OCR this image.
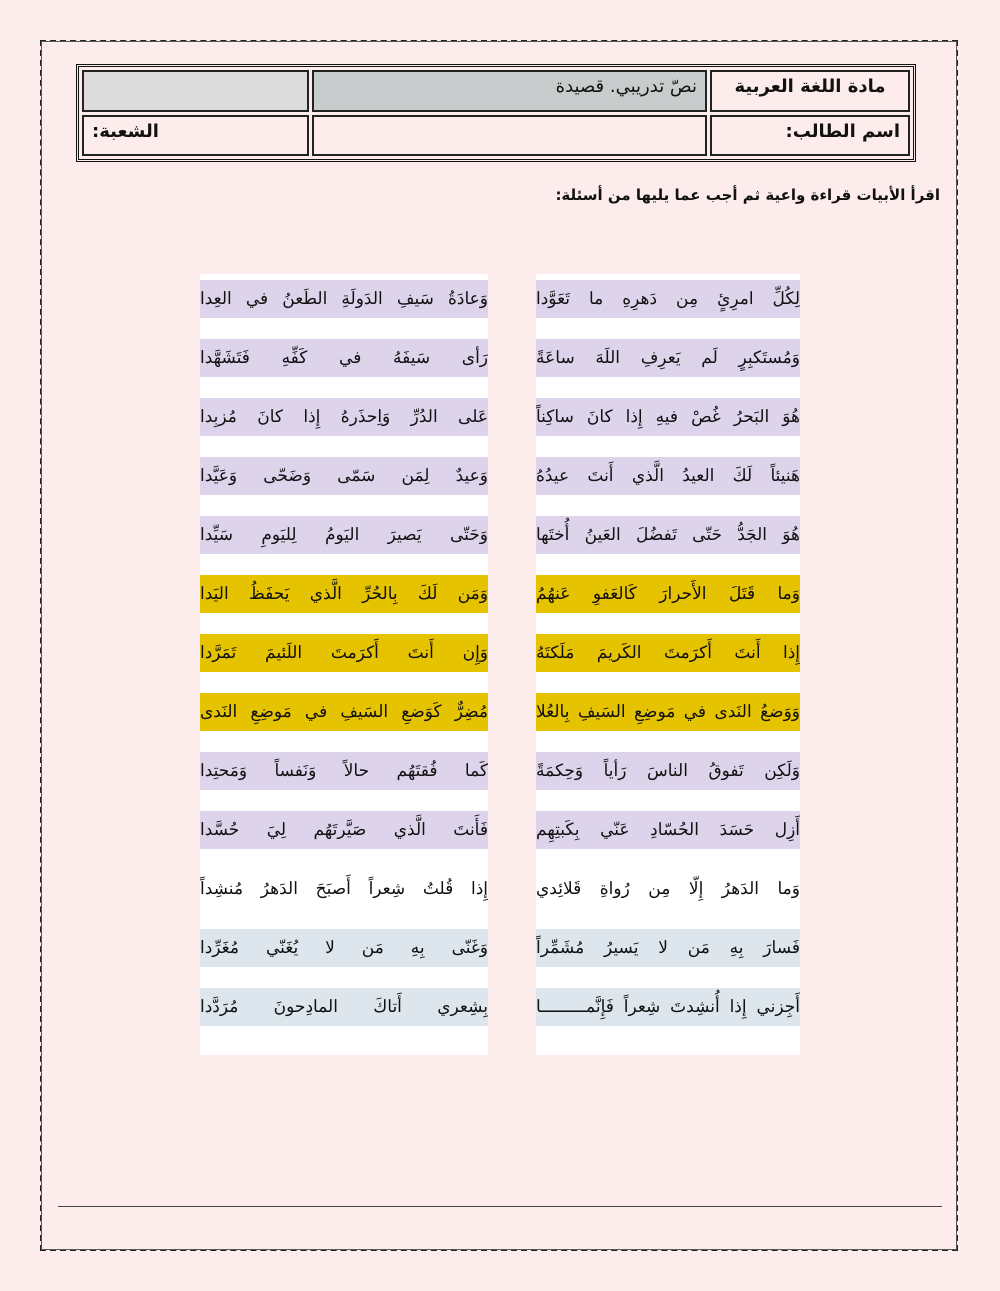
مادة اللغة العربية	نصّ تدريبي. قصيدة	
اسم الطالب:		الشعبة:
اقرأ الأبيات قراءة واعية ثم أجب عما يليها من أسئلة:
لِكُلِّ امرِئٍ مِن دَهرِهِ ما تَعَوَّدا
وَمُستَكبِرٍ لَم يَعرِفِ اللَهَ ساعَةً
هُوَ البَحرُ غُصْ فيهِ إِذا كانَ ساكِناً
هَنيئاً لَكَ العيدُ الَّذي أَنتَ عيدُهُ
هُوَ الجَدُّ حَتّى تَفضُلَ العَينُ أُختَها
وَما قَتَلَ الأَحرارَ كَالعَفوِ عَنهُمُ
إِذا أَنتَ أَكرَمتَ الكَريمَ مَلَكتَهُ
وَوَضعُ النَدى في مَوضِعِ السَيفِ بِالعُلا
وَلَكِن تَفوقُ الناسَ رَأياً وَحِكمَةً
أَزِل حَسَدَ الحُسّادِ عَنّي بِكَبتِهِم
وَما الدَهرُ إِلّا مِن رُواةِ قَلائِدي
فَسارَ بِهِ مَن لا يَسيرُ مُشَمِّراً
أَجِزني إِذا أُنشِدتَ شِعراً فَإِنَّمـــــــــا
وَعادَةُ سَيفِ الدَولَةِ الطَعنُ في العِدا
رَأى سَيفَهُ في كَفِّهِ فَتَشَهَّدا
عَلى الدُرِّ وَاِحذَرهُ إِذا كانَ مُزبِدا
وَعيدٌ لِمَن سَمّى وَضَحّى وَعَيَّدا
وَحَتّى يَصيرَ اليَومُ لِليَومِ سَيِّدا
وَمَن لَكَ بِالحُرِّ الَّذي يَحفَظُ اليَدا
وَإِن أَنتَ أَكرَمتَ اللَئيمَ تَمَرَّدا
مُضِرٌّ كَوَضعِ السَيفِ في مَوضِعِ النَدى
كَما فُقتَهُم حالاً وَنَفساً وَمَحتِدا
فَأَنتَ الَّذي صَيَّرتَهُم لِيَ حُسَّدا
إِذا قُلتُ شِعراً أَصبَحَ الدَهرُ مُنشِداً
وَغَنّى بِهِ مَن لا يُغَنّي مُغَرِّدا
بِشِعري أَتاكَ المادِحونَ مُرَدَّدا
